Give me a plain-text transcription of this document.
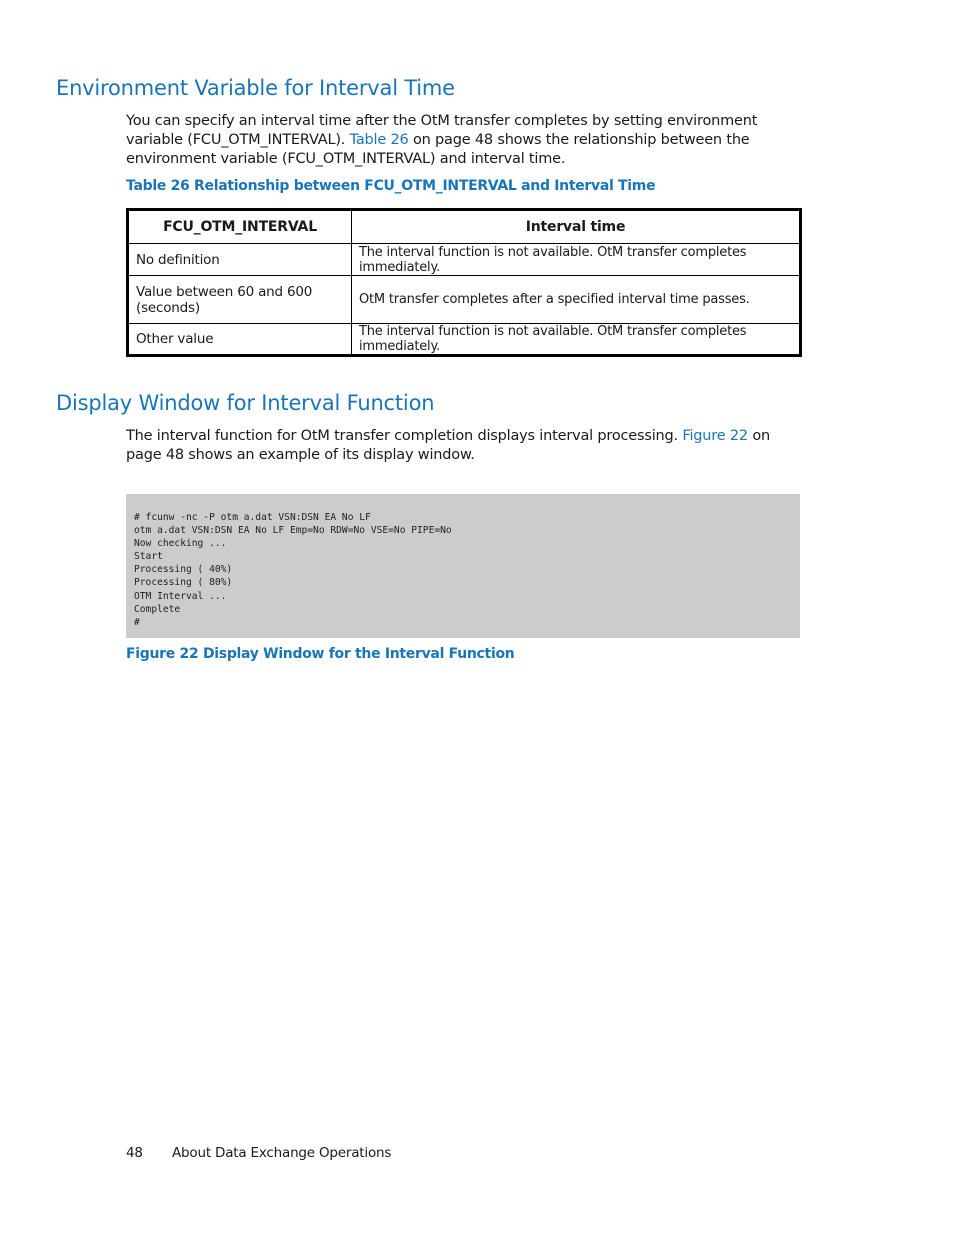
Environment Variable for Interval Time

You can specify an interval time after the OtM transfer completes by setting environment variable (FCU_OTM_INTERVAL). Table 26 on page 48 shows the relationship between the environment variable (FCU_OTM_INTERVAL) and interval time.

Table 26 Relationship between FCU_OTM_INTERVAL and Interval Time

FCU_OTM_INTERVAL	Interval time
No definition	The interval function is not available. OtM transfer completes immediately.
Value between 60 and 600 (seconds)	OtM transfer completes after a specified interval time passes.
Other value	The interval function is not available. OtM transfer completes immediately.
Display Window for Interval Function

The interval function for OtM transfer completion displays interval processing. Figure 22 on page 48 shows an example of its display window.

# fcunw -nc -P otm a.dat VSN:DSN EA No LF
otm a.dat VSN:DSN EA No LF Emp=No RDW=No VSE=No PIPE=No
Now checking ...
Start
Processing ( 40%)
Processing ( 80%)
OTM Interval ...
Complete
#

Figure 22 Display Window for the Interval Function

48 About Data Exchange Operations
